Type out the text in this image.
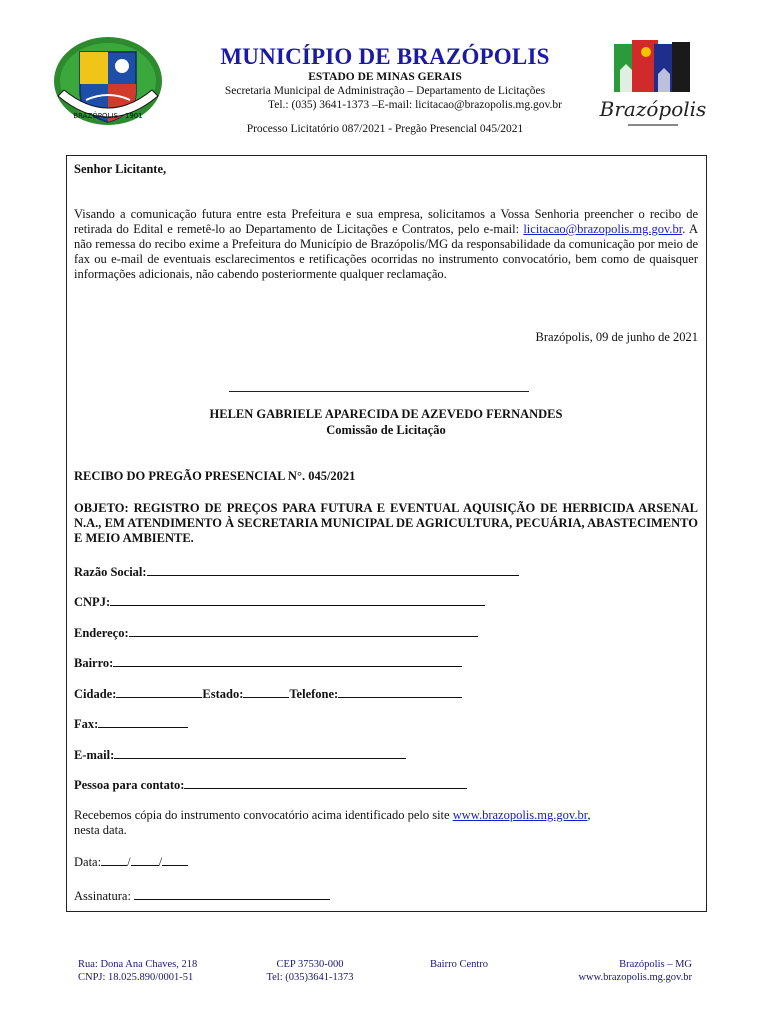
BRAZÓPOLIS - 1901
MUNICÍPIO DE BRAZÓPOLIS
ESTADO DE MINAS GERAIS
Secretaria Municipal de Administração – Departamento de Licitações
Tel.: (035) 3641-1373 –E-mail: licitacao@brazopolis.mg.gov.br
Processo Licitatório 087/2021 - Pregão Presencial 045/2021
Brazópolis
Senhor Licitante,
Visando a comunicação futura entre esta Prefeitura e sua empresa, solicitamos a Vossa Senhoria preencher o recibo de retirada do Edital e remetê-lo ao Departamento de Licitações e Contratos, pelo e-mail: licitacao@brazopolis.mg.gov.br. A não remessa do recibo exime a Prefeitura do Município de Brazópolis/MG da responsabilidade da comunicação por meio de fax ou e-mail de eventuais esclarecimentos e retificações ocorridas no instrumento convocatório, bem como de quaisquer informações adicionais, não cabendo posteriormente qualquer reclamação.
Brazópolis, 09 de junho de 2021
HELEN GABRIELE APARECIDA DE AZEVEDO FERNANDES
Comissão de Licitação
RECIBO DO PREGÃO PRESENCIAL N°. 045/2021
OBJETO: REGISTRO DE PREÇOS PARA FUTURA E EVENTUAL AQUISIÇÃO DE HERBICIDA ARSENAL N.A., EM ATENDIMENTO À SECRETARIA MUNICIPAL DE AGRICULTURA, PECUÁRIA, ABASTECIMENTO E MEIO AMBIENTE.
Razão Social:
CNPJ:
Endereço:
Bairro:
Cidade:	Estado:	Telefone:
Fax:
E-mail:
Pessoa para contato:
Recebemos cópia do instrumento convocatório acima identificado pelo site www.brazopolis.mg.gov.br,
nesta data.
Data: / /
Assinatura:
Rua: Dona Ana Chaves, 218
CNPJ: 18.025.890/0001-51
CEP 37530-000
Tel: (035)3641-1373
Bairro Centro	Brazópolis – MG
www.brazopolis.mg.gov.br
